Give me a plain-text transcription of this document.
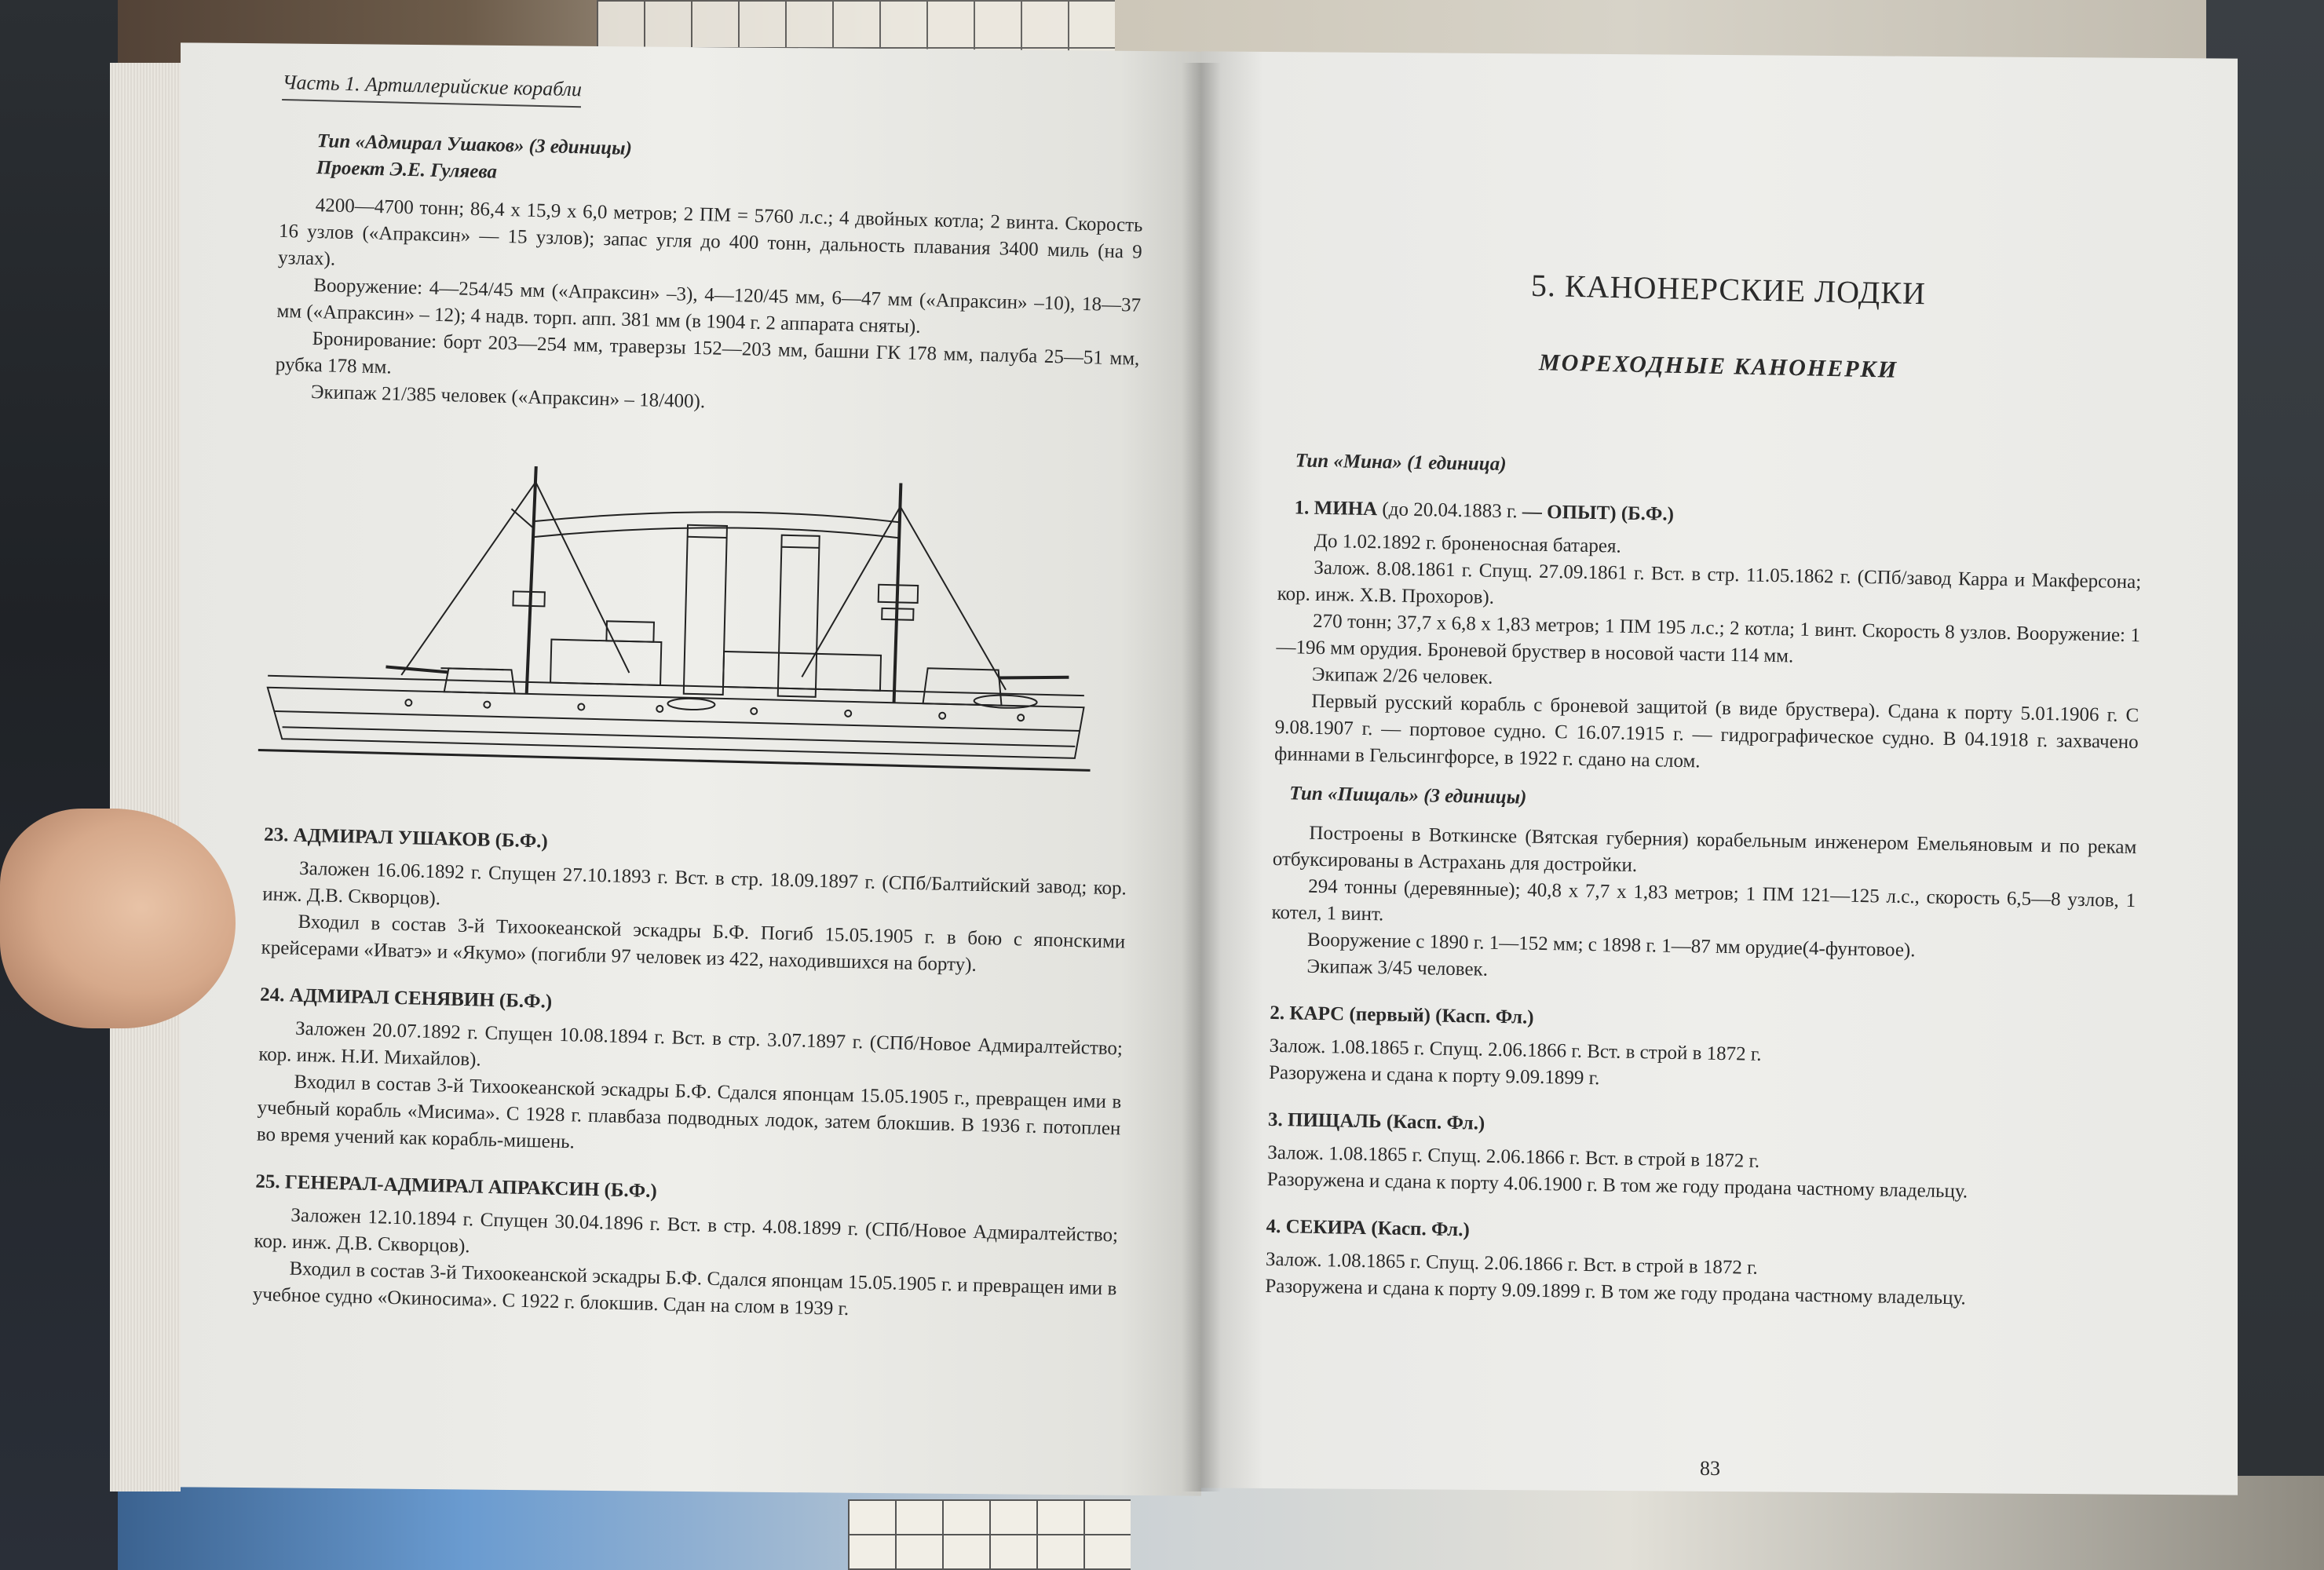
Часть 1. Артиллерийские корабли
Тип «Адмирал Ушаков» (3 единицы)
Проект Э.Е. Гуляева

4200—4700 тонн; 86,4 х 15,9 х 6,0 метров; 2 ПМ = 5760 л.с.; 4 двойных котла; 2 винта. Скорость 16 узлов («Апраксин» — 15 узлов); запас угля до 400 тонн, дальность плавания 3400 миль (на 9 узлах).

Вооружение: 4—254/45 мм («Апраксин» –3), 4—120/45 мм, 6—47 мм («Апраксин» –10), 18—37 мм («Апраксин» – 12); 4 надв. торп. апп. 381 мм (в 1904 г. 2 аппарата сняты).

Бронирование: борт 203—254 мм, траверзы 152—203 мм, башни ГК 178 мм, палуба 25—51 мм, рубка 178 мм.

Экипаж 21/385 человек («Апраксин» – 18/400).

23. АДМИРАЛ УШАКОВ (Б.Ф.)

Заложен 16.06.1892 г. Спущен 27.10.1893 г. Вст. в стр. 18.09.1897 г. (СПб/Балтийский завод; кор. инж. Д.В. Скворцов).

Входил в состав 3-й Тихоокеанской эскадры Б.Ф. Погиб 15.05.1905 г. в бою с японскими крейсерами «Иватэ» и «Якумо» (погибли 97 человек из 422, находившихся на борту).

24. АДМИРАЛ СЕНЯВИН (Б.Ф.)

Заложен 20.07.1892 г. Спущен 10.08.1894 г. Вст. в стр. 3.07.1897 г. (СПб/Новое Адмиралтейство; кор. инж. Н.И. Михайлов).

Входил в состав 3-й Тихоокеанской эскадры Б.Ф. Сдался японцам 15.05.1905 г., превращен ими в учебный корабль «Мисима». С 1928 г. плавбаза подводных лодок, затем блокшив. В 1936 г. потоплен во время учений как корабль-мишень.

25. ГЕНЕРАЛ-АДМИРАЛ АПРАКСИН (Б.Ф.)

Заложен 12.10.1894 г. Спущен 30.04.1896 г. Вст. в стр. 4.08.1899 г. (СПб/Новое Адмиралтейство; кор. инж. Д.В. Скворцов).

Входил в состав 3-й Тихоокеанской эскадры Б.Ф. Сдался японцам 15.05.1905 г. и превращен ими в учебное судно «Окиносима». С 1922 г. блокшив. Сдан на слом в 1939 г.

5. КАНОНЕРСКИЕ ЛОДКИ
МОРЕХОДНЫЕ КАНОНЕРКИ
Тип «Мина» (1 единица)
1. МИНА (до 20.04.1883 г. — ОПЫТ) (Б.Ф.)

До 1.02.1892 г. броненосная батарея.

Залож. 8.08.1861 г. Спущ. 27.09.1861 г. Вст. в стр. 11.05.1862 г. (СПб/завод Карра и Макферсона; кор. инж. Х.В. Прохоров).

270 тонн; 37,7 х 6,8 х 1,83 метров; 1 ПМ 195 л.с.; 2 котла; 1 винт. Скорость 8 узлов. Вооружение: 1—196 мм орудия. Броневой бруствер в носовой части 114 мм.

Экипаж 2/26 человек.

Первый русский корабль с броневой защитой (в виде бруствера). Сдана к порту 5.01.1906 г. С 9.08.1907 г. — портовое судно. С 16.07.1915 г. — гидрографическое судно. В 04.1918 г. захвачено финнами в Гельсингфорсе, в 1922 г. сдано на слом.

Тип «Пищаль» (3 единицы)

Построены в Воткинске (Вятская губерния) корабельным инженером Емельяновым и по рекам отбуксированы в Астрахань для достройки.

294 тонны (деревянные); 40,8 х 7,7 х 1,83 метров; 1 ПМ 121—125 л.с., скорость 6,5—8 узлов, 1 котел, 1 винт.

Вооружение с 1890 г. 1—152 мм; с 1898 г. 1—87 мм орудие(4-фунтовое).

Экипаж 3/45 человек.

2. КАРС (первый) (Касп. Фл.)

Залож. 1.08.1865 г. Спущ. 2.06.1866 г. Вст. в строй в 1872 г.

Разоружена и сдана к порту 9.09.1899 г.

3. ПИЩАЛЬ (Касп. Фл.)

Залож. 1.08.1865 г. Спущ. 2.06.1866 г. Вст. в строй в 1872 г.

Разоружена и сдана к порту 4.06.1900 г. В том же году продана частному владельцу.

4. СЕКИРА (Касп. Фл.)

Залож. 1.08.1865 г. Спущ. 2.06.1866 г. Вст. в строй в 1872 г.

Разоружена и сдана к порту 9.09.1899 г. В том же году продана частному владельцу.

83
